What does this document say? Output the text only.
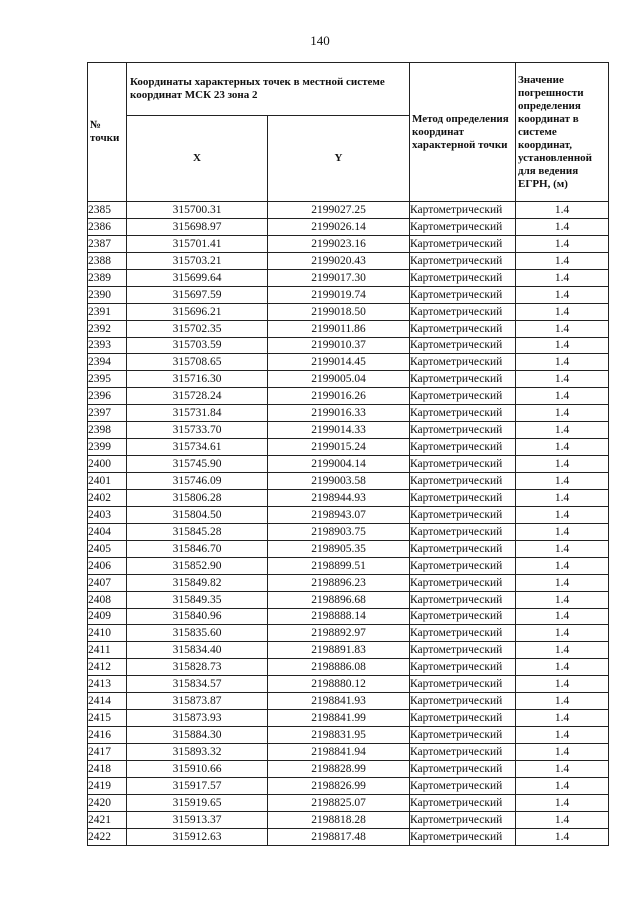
140
№ точки	Координаты характерных точек в местной системе координат МСК 23 зона 2		Метод определения координат характерной точки	Значение погрешности определения координат в системе координат, установленной для ведения ЕГРН, (м)
	X	Y		
2385	315700.31	2199027.25	Картометрический	1.4
2386	315698.97	2199026.14	Картометрический	1.4
2387	315701.41	2199023.16	Картометрический	1.4
2388	315703.21	2199020.43	Картометрический	1.4
2389	315699.64	2199017.30	Картометрический	1.4
2390	315697.59	2199019.74	Картометрический	1.4
2391	315696.21	2199018.50	Картометрический	1.4
2392	315702.35	2199011.86	Картометрический	1.4
2393	315703.59	2199010.37	Картометрический	1.4
2394	315708.65	2199014.45	Картометрический	1.4
2395	315716.30	2199005.04	Картометрический	1.4
2396	315728.24	2199016.26	Картометрический	1.4
2397	315731.84	2199016.33	Картометрический	1.4
2398	315733.70	2199014.33	Картометрический	1.4
2399	315734.61	2199015.24	Картометрический	1.4
2400	315745.90	2199004.14	Картометрический	1.4
2401	315746.09	2199003.58	Картометрический	1.4
2402	315806.28	2198944.93	Картометрический	1.4
2403	315804.50	2198943.07	Картометрический	1.4
2404	315845.28	2198903.75	Картометрический	1.4
2405	315846.70	2198905.35	Картометрический	1.4
2406	315852.90	2198899.51	Картометрический	1.4
2407	315849.82	2198896.23	Картометрический	1.4
2408	315849.35	2198896.68	Картометрический	1.4
2409	315840.96	2198888.14	Картометрический	1.4
2410	315835.60	2198892.97	Картометрический	1.4
2411	315834.40	2198891.83	Картометрический	1.4
2412	315828.73	2198886.08	Картометрический	1.4
2413	315834.57	2198880.12	Картометрический	1.4
2414	315873.87	2198841.93	Картометрический	1.4
2415	315873.93	2198841.99	Картометрический	1.4
2416	315884.30	2198831.95	Картометрический	1.4
2417	315893.32	2198841.94	Картометрический	1.4
2418	315910.66	2198828.99	Картометрический	1.4
2419	315917.57	2198826.99	Картометрический	1.4
2420	315919.65	2198825.07	Картометрический	1.4
2421	315913.37	2198818.28	Картометрический	1.4
2422	315912.63	2198817.48	Картометрический	1.4
